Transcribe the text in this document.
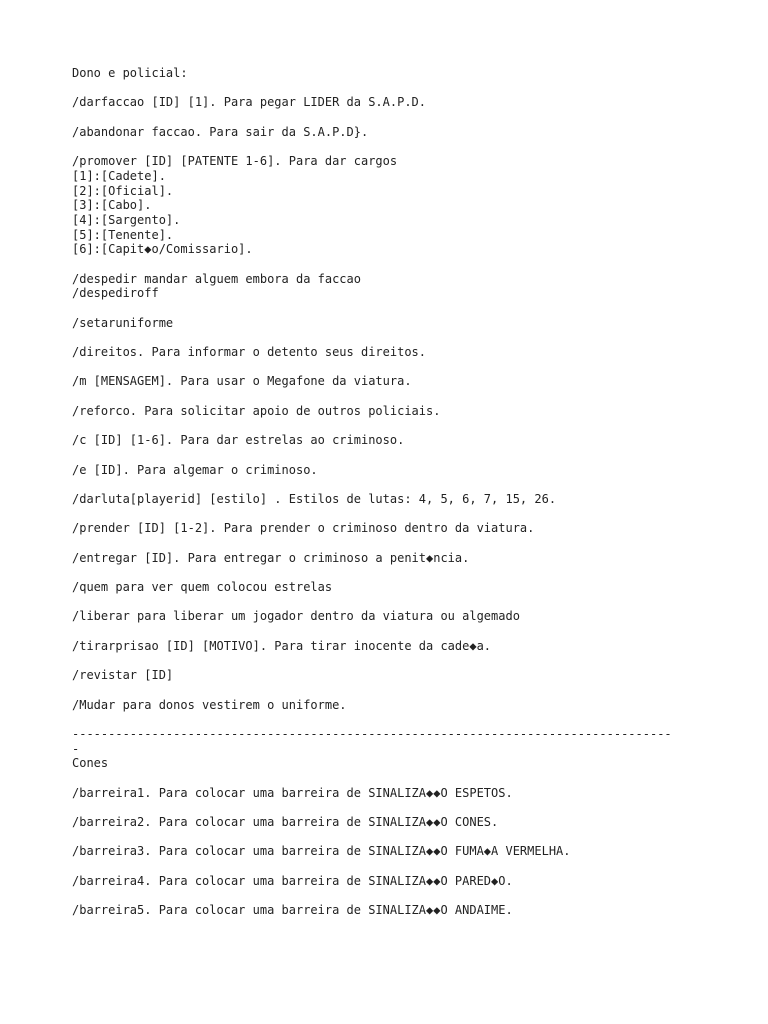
Dono e policial:
/darfaccao [ID] [1]. Para pegar LIDER da S.A.P.D.
/abandonar faccao. Para sair da S.A.P.D}.
/promover [ID] [PATENTE 1-6]. Para dar cargos
[1]:[Cadete].
[2]:[Oficial].
[3]:[Cabo].
[4]:[Sargento].
[5]:[Tenente].
[6]:[Capit◆o/Comissario].
/despedir mandar alguem embora da faccao
/despediroff
/setaruniforme
/direitos. Para informar o detento seus direitos.
/m [MENSAGEM]. Para usar o Megafone da viatura.
/reforco. Para solicitar apoio de outros policiais.
/c [ID] [1-6]. Para dar estrelas ao criminoso.
/e [ID]. Para algemar o criminoso.
/darluta[playerid] [estilo] . Estilos de lutas: 4, 5, 6, 7, 15, 26.
/prender [ID] [1-2]. Para prender o criminoso dentro da viatura.
/entregar [ID]. Para entregar o criminoso a penit◆ncia.
/quem para ver quem colocou estrelas
/liberar para liberar um jogador dentro da viatura ou algemado
/tirarprisao [ID] [MOTIVO]. Para tirar inocente da cade◆a.
/revistar [ID]
/Mudar para donos vestirem o uniforme.
-----------------------------------------------------------------------------------
-
Cones
/barreira1. Para colocar uma barreira de SINALIZA◆◆O ESPETOS.
/barreira2. Para colocar uma barreira de SINALIZA◆◆O CONES.
/barreira3. Para colocar uma barreira de SINALIZA◆◆O FUMA◆A VERMELHA.
/barreira4. Para colocar uma barreira de SINALIZA◆◆O PARED◆O.
/barreira5. Para colocar uma barreira de SINALIZA◆◆O ANDAIME.
